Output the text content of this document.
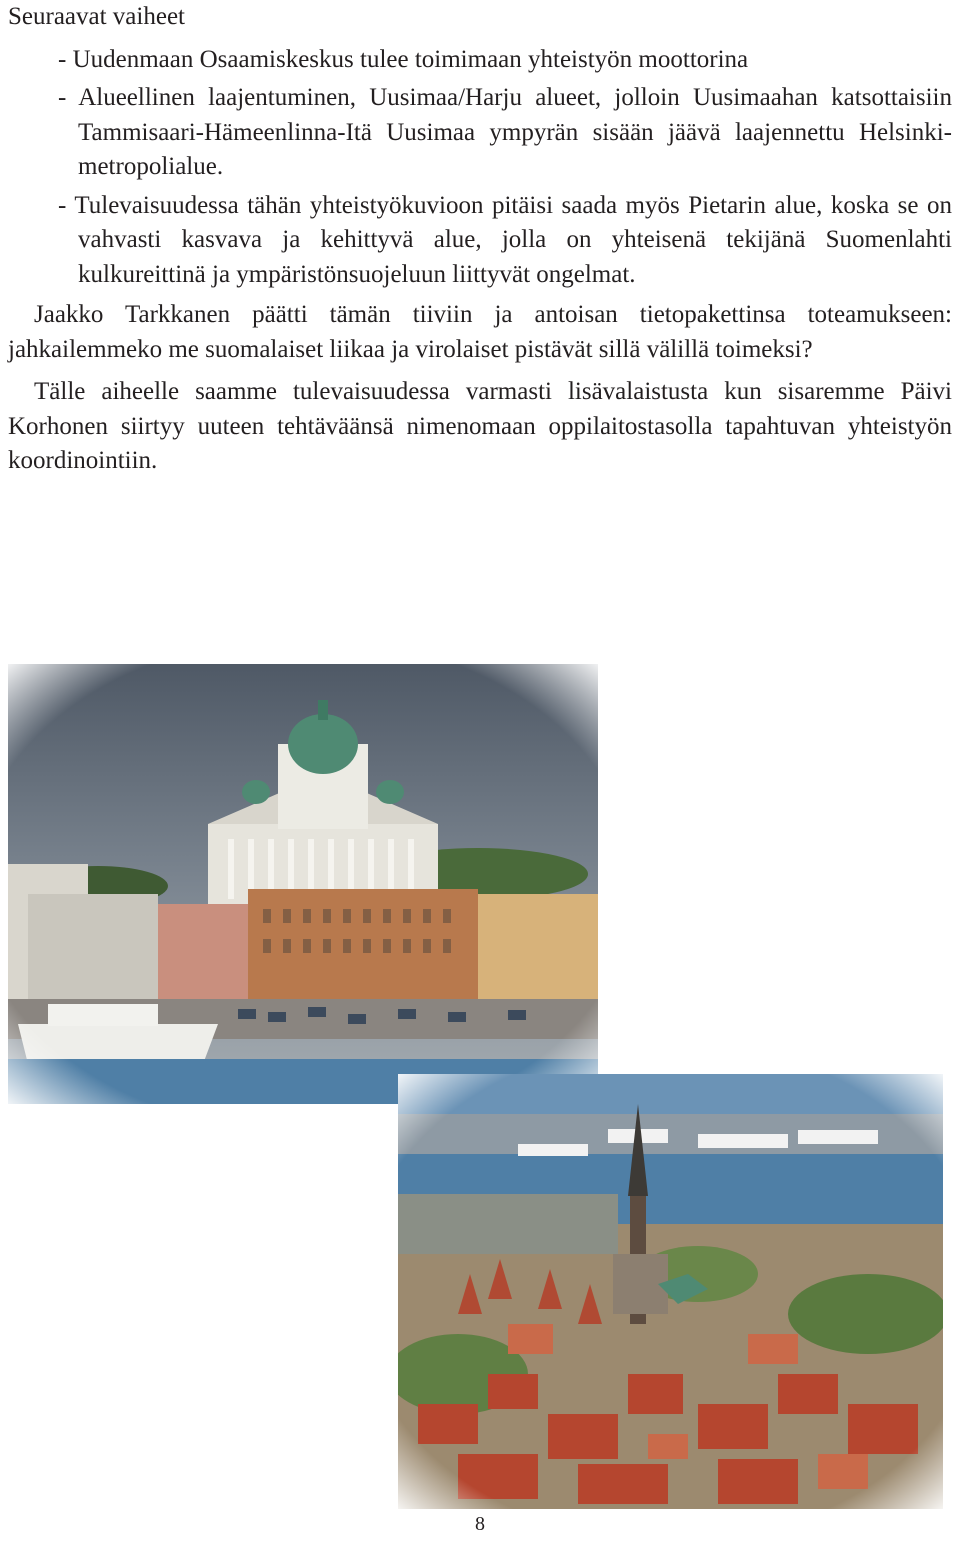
Seuraavat vaiheet
- Uudenmaan Osaamiskeskus tulee toimimaan yhteistyön moottorina
- Alueellinen laajentuminen, Uusimaa/Harju alueet, jolloin Uusimaahan katsottaisiin Tammisaari-Hämeenlinna-Itä Uusimaa ympyrän sisään jäävä laajennettu Helsinki-metropolialue.
- Tulevaisuudessa tähän yhteistyökuvioon pitäisi saada myös Pietarin alue, koska se on vahvasti kasvava ja kehittyvä alue, jolla on yhteisenä tekijänä Suomenlahti kulkureittinä ja ympäristönsuojeluun liittyvät ongelmat.

Jaakko Tarkkanen päätti tämän tiiviin ja antoisan tietopakettinsa toteamukseen: jahkailemmeko me suomalaiset liikaa ja virolaiset pistävät sillä välillä toimeksi?

Tälle aiheelle saamme tulevaisuudessa varmasti lisävalaistusta kun sisaremme Päivi Korhonen siirtyy uuteen tehtäväänsä nimenomaan oppilaitostasolla tapahtuvan yhteistyön koordinointiin.

8
